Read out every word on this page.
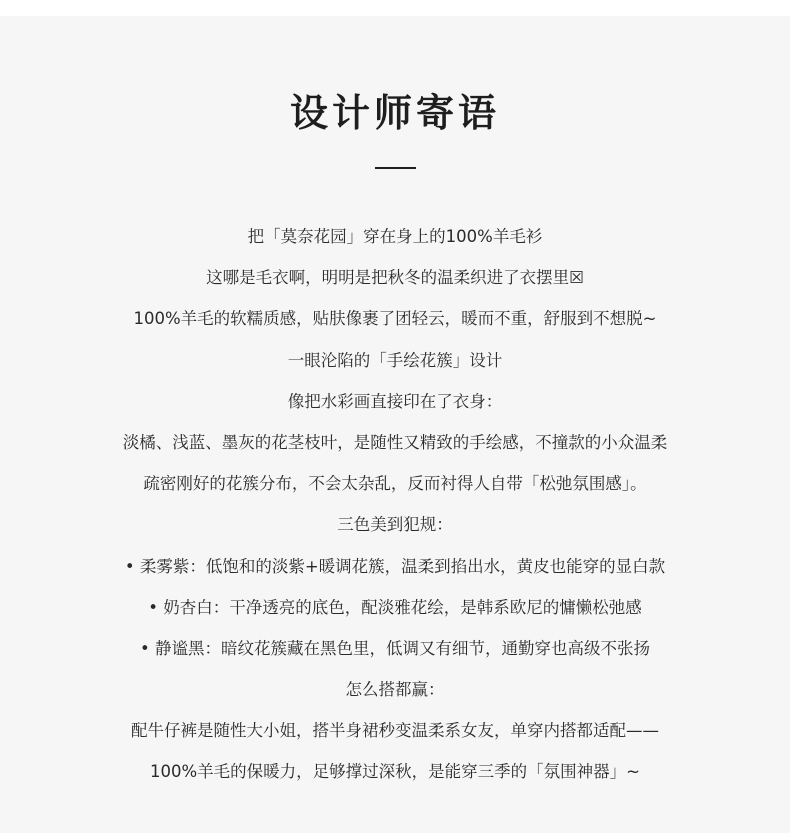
设计师寄语
把「莫奈花园」穿在身上的100%羊毛衫
这哪是毛衣啊，明明是把秋冬的温柔织进了衣摆里☒
100%羊毛的软糯质感，贴肤像裹了团轻云，暖而不重，舒服到不想脱~
一眼沦陷的「手绘花簇」设计
像把水彩画直接印在了衣身：
淡橘、浅蓝、墨灰的花茎枝叶，是随性又精致的手绘感，不撞款的小众温柔
疏密刚好的花簇分布，不会太杂乱，反而衬得人自带「松弛氛围感」。
三色美到犯规：
• 柔雾紫：低饱和的淡紫+暖调花簇，温柔到掐出水，黄皮也能穿的显白款
• 奶杏白：干净透亮的底色，配淡雅花绘，是韩系欧尼的慵懒松弛感
• 静谧黑：暗纹花簇藏在黑色里，低调又有细节，通勤穿也高级不张扬
怎么搭都赢：
配牛仔裤是随性大小姐，搭半身裙秒变温柔系女友，单穿内搭都适配——
100%羊毛的保暖力，足够撑过深秋，是能穿三季的「氛围神器」~
